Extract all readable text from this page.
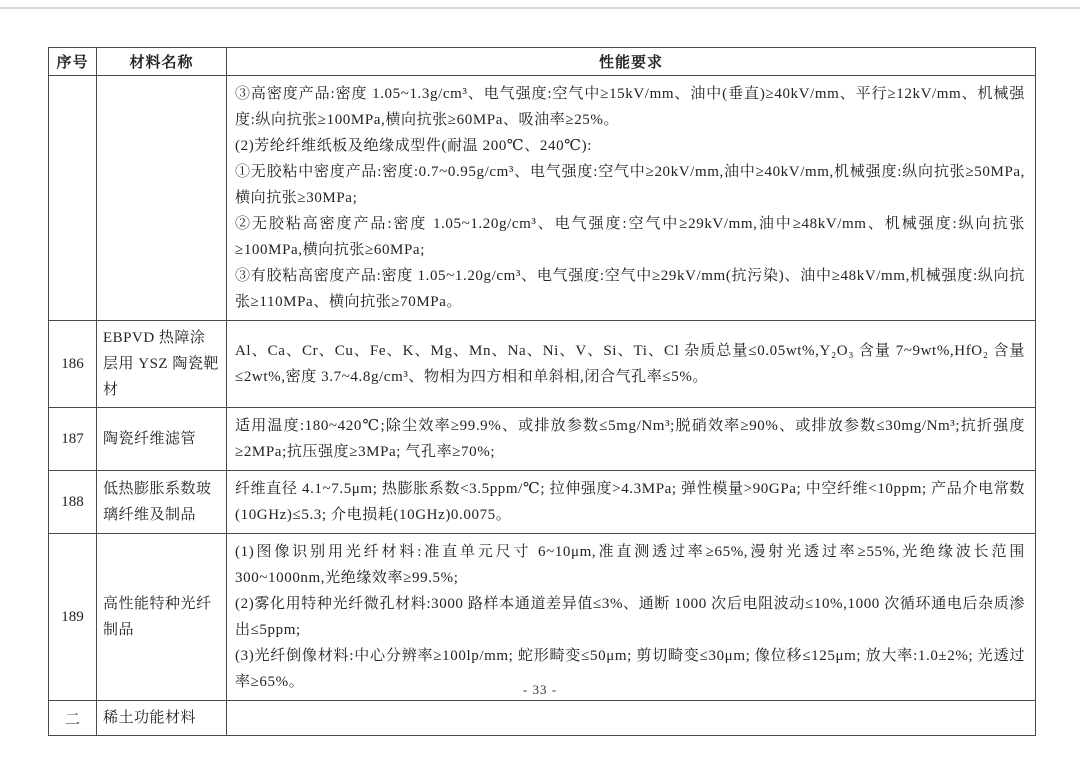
序号	材料名称	性能要求

		③高密度产品:密度 1.05~1.3g/cm³、电气强度:空气中≥15kV/mm、油中(垂直)≥40kV/mm、平行≥12kV/mm、机械强度:纵向抗张≥100MPa,横向抗张≥60MPa、吸油率≥25%。

(2)芳纶纤维纸板及绝缘成型件(耐温 200℃、240℃):

①无胶粘中密度产品:密度:0.7~0.95g/cm³、电气强度:空气中≥20kV/mm,油中≥40kV/mm,机械强度:纵向抗张≥50MPa,横向抗张≥30MPa;

②无胶粘高密度产品:密度 1.05~1.20g/cm³、电气强度:空气中≥29kV/mm,油中≥48kV/mm、机械强度:纵向抗张≥100MPa,横向抗张≥60MPa;

③有胶粘高密度产品:密度 1.05~1.20g/cm³、电气强度:空气中≥29kV/mm(抗污染)、油中≥48kV/mm,机械强度:纵向抗张≥110MPa、横向抗张≥70MPa。

186	EBPVD 热障涂层用 YSZ 陶瓷靶材	Al、Ca、Cr、Cu、Fe、K、Mg、Mn、Na、Ni、V、Si、Ti、Cl 杂质总量≤0.05wt%,Y₂O₃ 含量 7~9wt%,HfO₂ 含量≤2wt%,密度 3.7~4.8g/cm³、物相为四方相和单斜相,闭合气孔率≤5%。

187	陶瓷纤维滤管	适用温度:180~420℃;除尘效率≥99.9%、或排放参数≤5mg/Nm³;脱硝效率≥90%、或排放参数≤30mg/Nm³;抗折强度≥2MPa;抗压强度≥3MPa; 气孔率≥70%;

188	低热膨胀系数玻璃纤维及制品	纤维直径 4.1~7.5μm; 热膨胀系数<3.5ppm/℃; 拉伸强度>4.3MPa; 弹性模量>90GPa; 中空纤维<10ppm; 产品介电常数(10GHz)≤5.3; 介电损耗(10GHz)0.0075。

189	高性能特种光纤制品	(1)图像识别用光纤材料:准直单元尺寸 6~10μm,准直测透过率≥65%,漫射光透过率≥55%,光绝缘波长范围 300~1000nm,光绝缘效率≥99.5%;

(2)雾化用特种光纤微孔材料:3000 路样本通道差异值≤3%、通断 1000 次后电阻波动≤10%,1000 次循环通电后杂质渗出≤5ppm;

(3)光纤倒像材料:中心分辨率≥100lp/mm; 蛇形畸变≤50μm; 剪切畸变≤30μm; 像位移≤125μm; 放大率:1.0±2%; 光透过率≥65%。

二	稀土功能材料	
- 33 -
